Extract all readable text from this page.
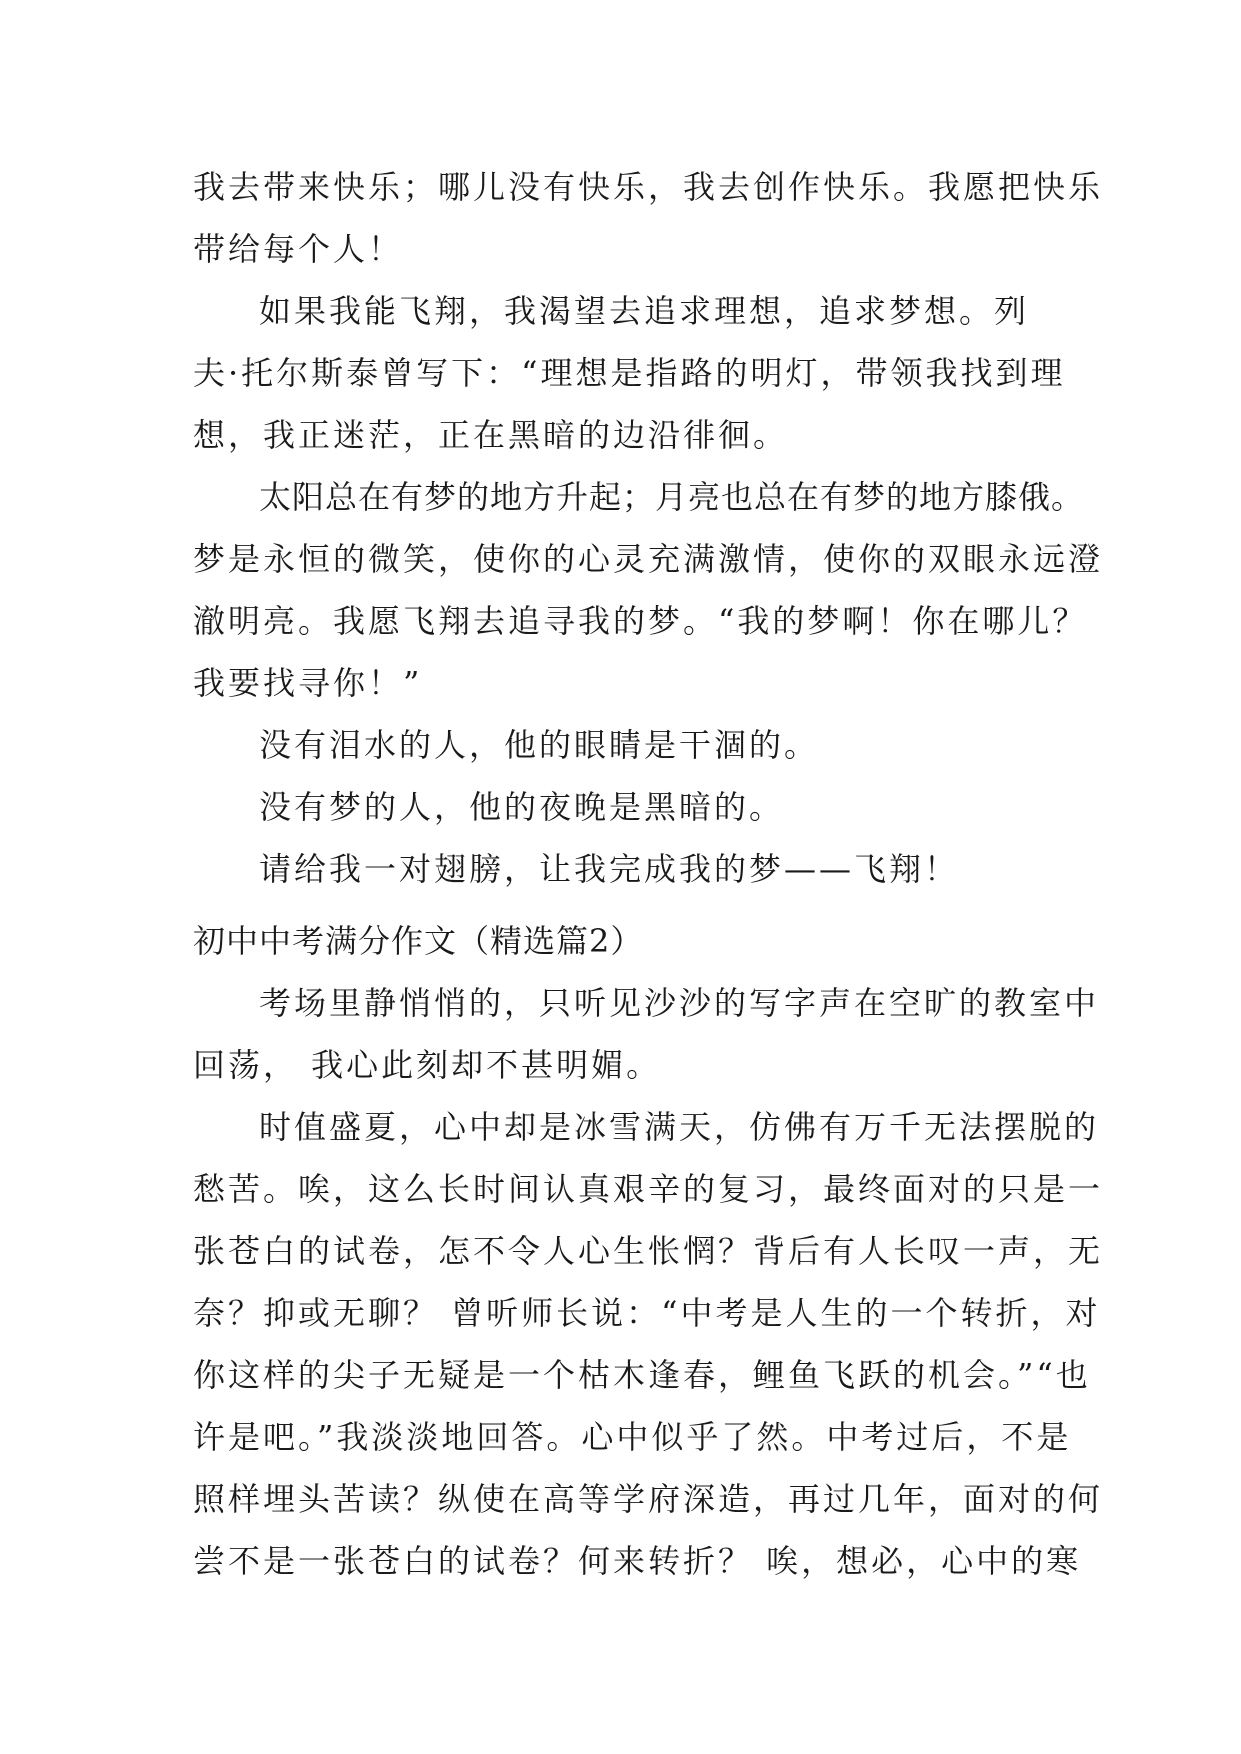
我去带来快乐；哪儿没有快乐，我去创作快乐。我愿把快乐
带给每个人！
如果我能飞翔，我渴望去追求理想，追求梦想。列
夫·托尔斯泰曾写下：“理想是指路的明灯，带领我找到理
想，我正迷茫，正在黑暗的边沿徘徊。
太阳总在有梦的地方升起；月亮也总在有梦的地方膝俄。
梦是永恒的微笑，使你的心灵充满激情，使你的双眼永远澄
澈明亮。我愿飞翔去追寻我的梦。“我的梦啊！你在哪儿？
我要找寻你！”
没有泪水的人，他的眼睛是干涸的。
没有梦的人，他的夜晚是黑暗的。
请给我一对翅膀，让我完成我的梦——飞翔！
初中中考满分作文（精选篇2）
考场里静悄悄的，只听见沙沙的写字声在空旷的教室中
回荡， 我心此刻却不甚明媚。
时值盛夏，心中却是冰雪满天，仿佛有万千无法摆脱的
愁苦。唉，这么长时间认真艰辛的复习，最终面对的只是一
张苍白的试卷，怎不令人心生怅惘？背后有人长叹一声，无
奈？抑或无聊？ 曾听师长说：“中考是人生的一个转折，对
你这样的尖子无疑是一个枯木逢春，鲤鱼飞跃的机会。”“也
许是吧。”我淡淡地回答。心中似乎了然。中考过后，不是
照样埋头苦读？纵使在高等学府深造，再过几年，面对的何
尝不是一张苍白的试卷？何来转折？ 唉，想必，心中的寒
